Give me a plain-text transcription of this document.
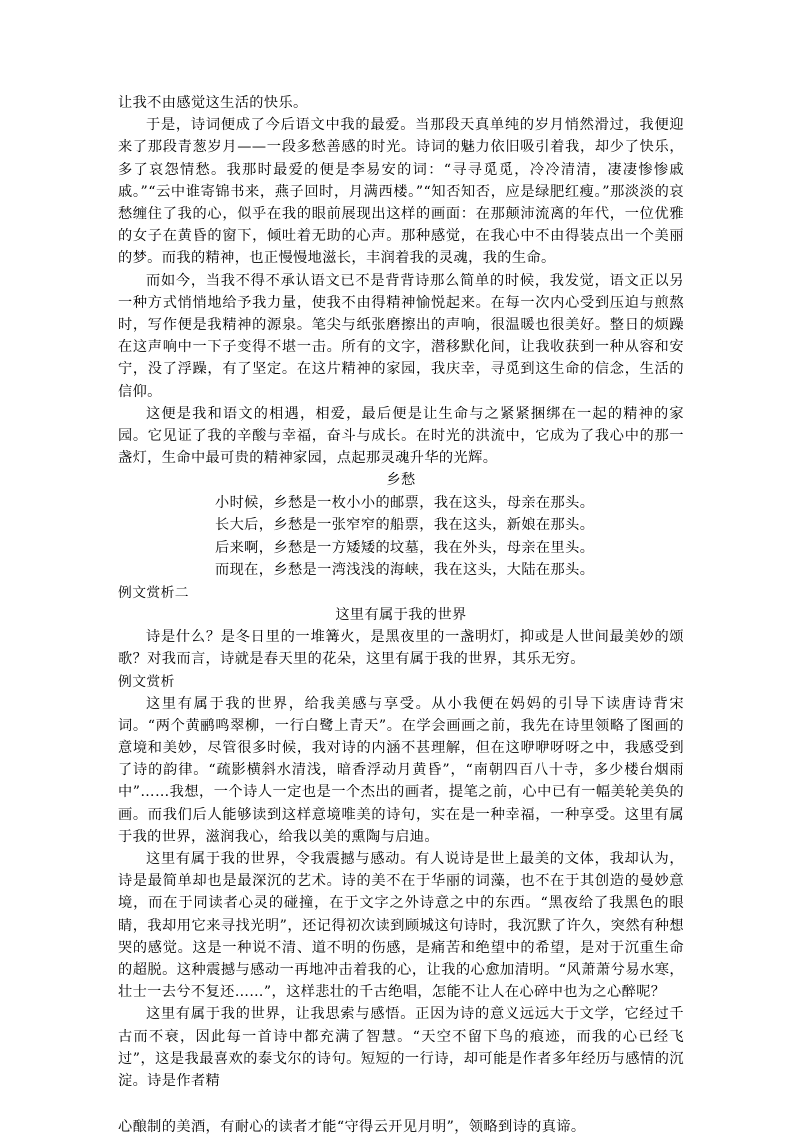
让我不由感觉这生活的快乐。

于是，诗词便成了今后语文中我的最爱。当那段天真单纯的岁月悄然滑过，我便迎来了那段青葱岁月——一段多愁善感的时光。诗词的魅力依旧吸引着我，却少了快乐，多了哀怨情愁。我那时最爱的便是李易安的词：“寻寻觅觅，冷冷清清，凄凄惨惨戚戚。”“云中谁寄锦书来，燕子回时，月满西楼。”“知否知否，应是绿肥红瘦。”那淡淡的哀愁缠住了我的心，似乎在我的眼前展现出这样的画面：在那颠沛流离的年代，一位优雅的女子在黄昏的窗下，倾吐着无助的心声。那种感觉，在我心中不由得装点出一个美丽的梦。而我的精神，也正慢慢地滋长，丰润着我的灵魂，我的生命。

而如今，当我不得不承认语文已不是背背诗那么简单的时候，我发觉，语文正以另一种方式悄悄地给予我力量，使我不由得精神愉悦起来。在每一次内心受到压迫与煎熬时，写作便是我精神的源泉。笔尖与纸张磨擦出的声响，很温暖也很美好。整日的烦躁在这声响中一下子变得不堪一击。所有的文字，潜移默化间，让我收获到一种从容和安宁，没了浮躁，有了坚定。在这片精神的家园，我庆幸，寻觅到这生命的信念，生活的信仰。

这便是我和语文的相遇，相爱，最后便是让生命与之紧紧捆绑在一起的精神的家园。它见证了我的辛酸与幸福，奋斗与成长。在时光的洪流中，它成为了我心中的那一盏灯，生命中最可贵的精神家园，点起那灵魂升华的光辉。

乡愁

小时候，乡愁是一枚小小的邮票，我在这头，母亲在那头。

长大后，乡愁是一张窄窄的船票，我在这头，新娘在那头。

后来啊，乡愁是一方矮矮的坟墓，我在外头，母亲在里头。

而现在，乡愁是一湾浅浅的海峡，我在这头，大陆在那头。

例文赏析二

这里有属于我的世界

诗是什么？是冬日里的一堆篝火，是黑夜里的一盏明灯，抑或是人世间最美妙的颂歌？对我而言，诗就是春天里的花朵，这里有属于我的世界，其乐无穷。

例文赏析

这里有属于我的世界，给我美感与享受。从小我便在妈妈的引导下读唐诗背宋词。“两个黄鹂鸣翠柳，一行白鹭上青天”。在学会画画之前，我先在诗里领略了图画的意境和美妙，尽管很多时候，我对诗的内涵不甚理解，但在这咿咿呀呀之中，我感受到了诗的韵律。“疏影横斜水清浅，暗香浮动月黄昏”，“南朝四百八十寺，多少楼台烟雨中”……我想，一个诗人一定也是一个杰出的画者，提笔之前，心中已有一幅美轮美奂的画。而我们后人能够读到这样意境唯美的诗句，实在是一种幸福，一种享受。这里有属于我的世界，滋润我心，给我以美的熏陶与启迪。

这里有属于我的世界，令我震撼与感动。有人说诗是世上最美的文体，我却认为，诗是最简单却也是最深沉的艺术。诗的美不在于华丽的词藻，也不在于其创造的曼妙意境，而在于同读者心灵的碰撞，在于文字之外诗意之中的东西。“黑夜给了我黑色的眼睛，我却用它来寻找光明”，还记得初次读到顾城这句诗时，我沉默了许久，突然有种想哭的感觉。这是一种说不清、道不明的伤感，是痛苦和绝望中的希望，是对于沉重生命的超脱。这种震撼与感动一再地冲击着我的心，让我的心愈加清明。“风萧萧兮易水寒，壮士一去兮不复还……”，这样悲壮的千古绝唱，怎能不让人在心碎中也为之心醉呢？

这里有属于我的世界，让我思索与感悟。正因为诗的意义远远大于文学，它经过千古而不衰，因此每一首诗中都充满了智慧。“天空不留下鸟的痕迹，而我的心已经飞过”，这是我最喜欢的泰戈尔的诗句。短短的一行诗，却可能是作者多年经历与感情的沉淀。诗是作者精

心酿制的美酒，有耐心的读者才能“守得云开见月明”，领略到诗的真谛。
